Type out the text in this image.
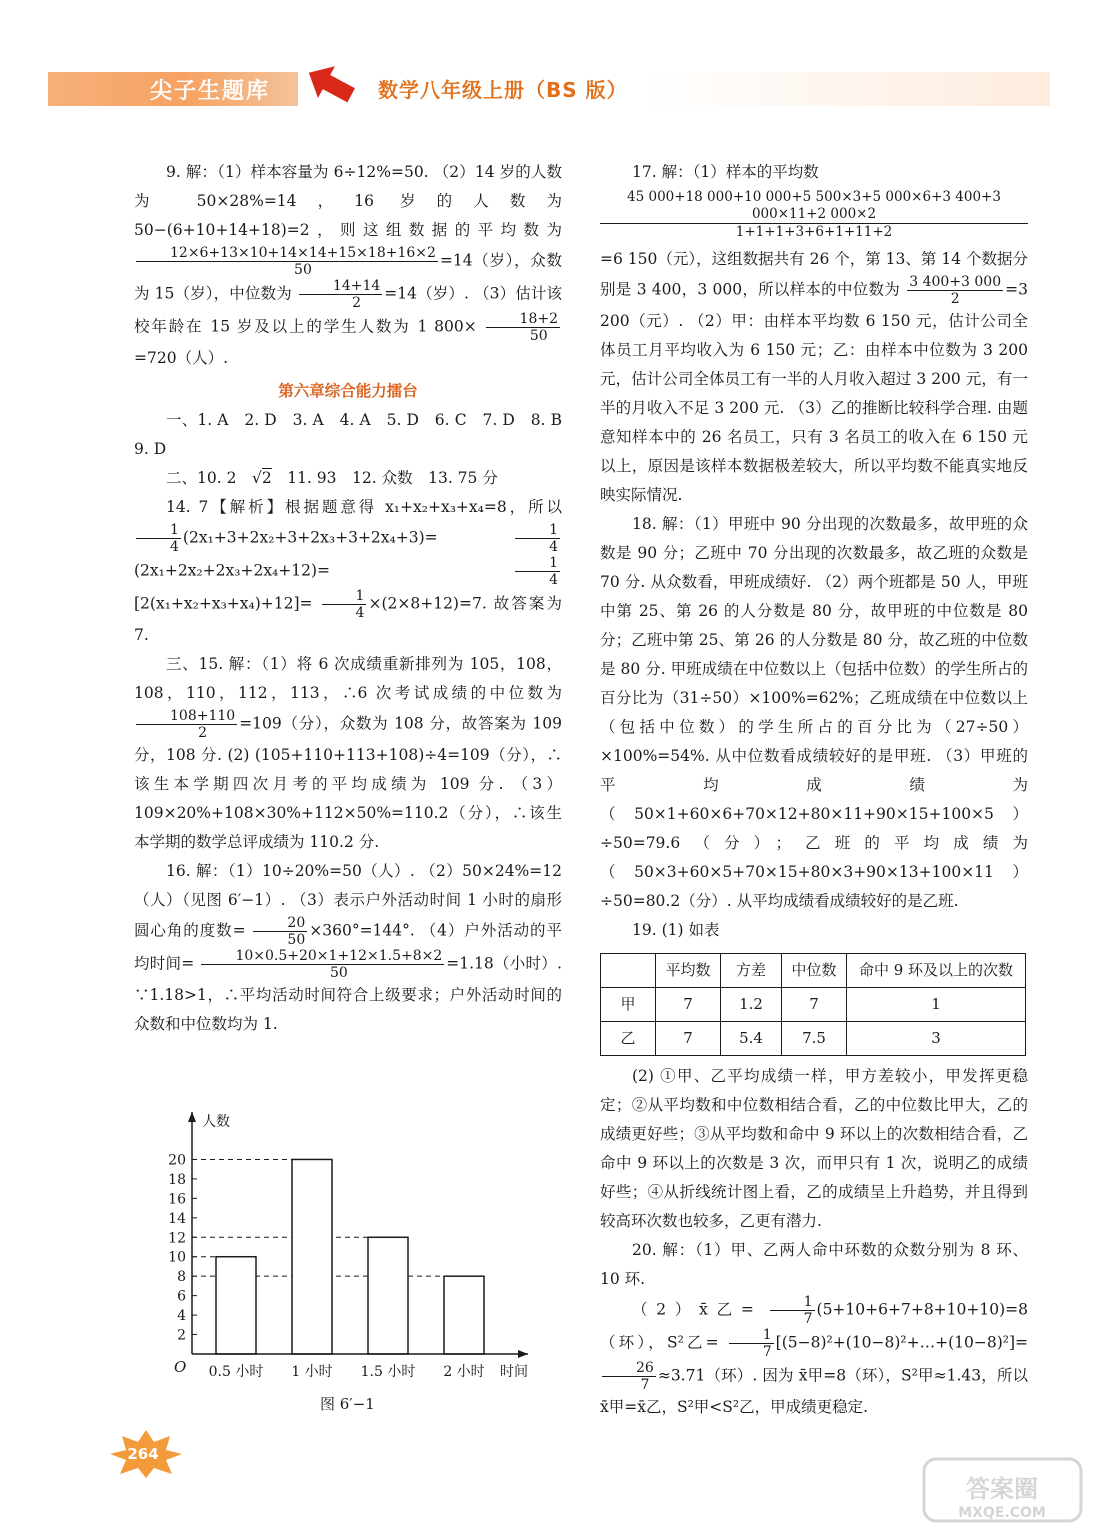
尖子生题库	数学八年级上册（BS 版）

9. 解：（1）样本容量为 6÷12%=50. （2）14 岁的人数为 50×28%=14，16 岁的人数为 50−(6+10+14+18)=2，则这组数据的平均数为
$\frac{12\times 6+13\times 10+14\times 14+15\times 18+16\times 2}{50} =14$（岁），众数为 15（岁），中位数为 $\frac{14+14}{2} =14$（岁）. （3）估计该校年龄在 15 岁及以上的学生人数为 1 $800\times \frac{18+2}{50}$
=720（人）.

第六章综合能力擂台

一、1. A　2. D　3. A　4. A　5. D　6. C　7. D　8. B　9. D

二、10. 2　√2　11. 93　12. 众数　13. 75 分

14. 7【解析】根据题意得 x₁+x₂+x₃+x₄=8，所以
$\frac{1}{4} (2x_1+3+2x_2+3+2x_3+3+2x_4+3)=$	$\frac{1}{4}$
(2x₁+2x₂+2x₃+2x₄+12)=	$\frac{1}{4}$
$[2(x_1+x_2+x_3+x_4)+12]= \frac{1}{4} \times(2\times 8+12)=7$. 故答案为 7.

三、15. 解：（1）将 6 次成绩重新排列为 105，108，108，110，112，113，∴6 次考试成绩的中位数为
$\frac{108+110}{2} =109$（分），众数为 108 分，故答案为 109 分，108 分. (2) (105+110+113+108)÷4=109（分），∴该生本学期四次月考的平均成绩为 109 分. （3）109×20%+108×30%+112×50%=110.2（分），∴该生本学期的数学总评成绩为 110.2 分.

16. 解：（1）10÷20%=50（人）. （2）50×24%=12（人）（见图 6′−1）. （3）表示户外活动时间 1 小时的扇形圆心角的度数= $\frac{20}{50} \times 360^\circ=144^\circ$. （4）户外活动的平均时间= $\frac{10\times 0.5+20\times 1+12\times 1.5+8\times 2}{50} =1.18$（小时）. ∵1.18>1，∴平均活动时间符合上级要求；户外活动时间的众数和中位数均为 1.

2
4
6
8
10
12
14
16
18
20
0.5 小时 1 小时 1.5 小时 2 小时
人数
时间
O
图 6′−1

17. 解：（1）样本的平均数

45 000+18 000+10 000+5 500×3+5 000×6+3 400+3 000×11+2 000×2
1+1+1+3+6+1+11+2

=6 150（元），这组数据共有 26 个，第 13、第 14 个数据分别是 3 400，3 000，所以样本的中位数为 $\frac{3 400+3 000}{2} =3$ 200（元）. （2）甲：由样本平均数 6 150 元，估计公司全体员工月平均收入为 6 150 元；乙：由样本中位数为 3 200 元，估计公司全体员工有一半的人月收入超过 3 200 元，有一半的月收入不足 3 200 元. （3）乙的推断比较科学合理. 由题意知样本中的 26 名员工，只有 3 名员工的收入在 6 150 元以上，原因是该样本数据极差较大，所以平均数不能真实地反映实际情况.

18. 解：（1）甲班中 90 分出现的次数最多，故甲班的众数是 90 分；乙班中 70 分出现的次数最多，故乙班的众数是 70 分. 从众数看，甲班成绩好. （2）两个班都是 50 人，甲班中第 25、第 26 的人分数是 80 分，故甲班的中位数是 80 分；乙班中第 25、第 26 的人分数是 80 分，故乙班的中位数是 80 分. 甲班成绩在中位数以上（包括中位数）的学生所占的百分比为（31÷50）×100%=62%；乙班成绩在中位数以上（包括中位数）的学生所占的百分比为（27÷50）×100%=54%. 从中位数看成绩较好的是甲班. （3）甲班的平均成绩为（50×1+60×6+70×12+80×11+90×15+100×5）÷50=79.6（分）；乙班的平均成绩为（50×3+60×5+70×15+80×3+90×13+100×11）÷50=80.2（分）. 从平均成绩看成绩较好的是乙班.

19. (1) 如表

	平均数	方差	中位数	命中 9 环及以上的次数
甲	7	1.2	7	1
乙	7	5.4	7.5	3

(2) ①甲、乙平均成绩一样，甲方差较小，甲发挥更稳定；②从平均数和中位数相结合看，乙的中位数比甲大，乙的成绩更好些；③从平均数和命中 9 环以上的次数相结合看，乙命中 9 环以上的次数是 3 次，而甲只有 1 次，说明乙的成绩好些；④从折线统计图上看，乙的成绩呈上升趋势，并且得到较高环次数也较多，乙更有潜力.

20. 解：（1）甲、乙两人命中环数的众数分别为 8 环、10 环.

（2）x̄乙= $\frac{1}{7} (5+10+6+7+8+10+10)=8$（环），S²乙= $\frac{1}{7}$ [(5−8)²+(10−8)²+…+(10−8)²]=
$\frac{26}{7} \approx 3.71$（环）. 因为 x̄甲=8（环），S²甲≈1.43，所以 x̄甲=x̄乙，S²甲<S²乙，甲成绩更稳定.

264
答案圈
MXQE.COM
